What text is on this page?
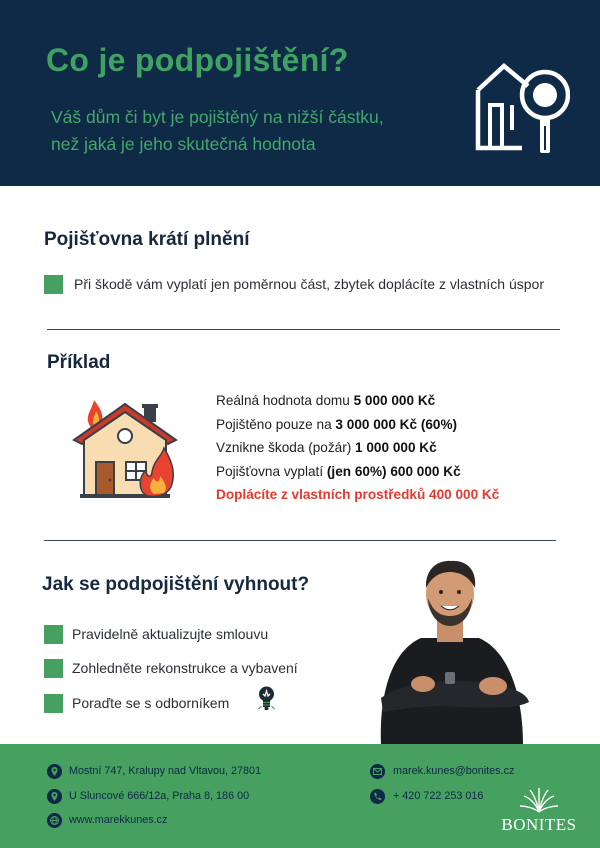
Co je podpojištění?
Váš dům či byt je pojištěný na nižší částku,
než jaká je jeho skutečná hodnota
Pojišťovna krátí plnění
Při škodě vám vyplatí jen poměrnou část, zbytek doplácíte z vlastních úspor
Příklad
Reálná hodnota domu 5 000 000 Kč
Pojištěno pouze na 3 000 000 Kč (60%)
Vznikne škoda (požár) 1 000 000 Kč
Pojišťovna vyplatí (jen 60%) 600 000 Kč
Doplácíte z vlastních prostředků 400 000 Kč
Jak se podpojištění vyhnout?
Pravidelně aktualizujte smlouvu
Zohledněte rekonstrukce a vybavení
Poraďte se s odborníkem
Mostní 747, Kralupy nad Vltavou, 27801
U Sluncové 666/12a, Praha 8, 186 00
www.marekkunes.cz
marek.kunes@bonites.cz
+ 420 722 253 016
BONITES
